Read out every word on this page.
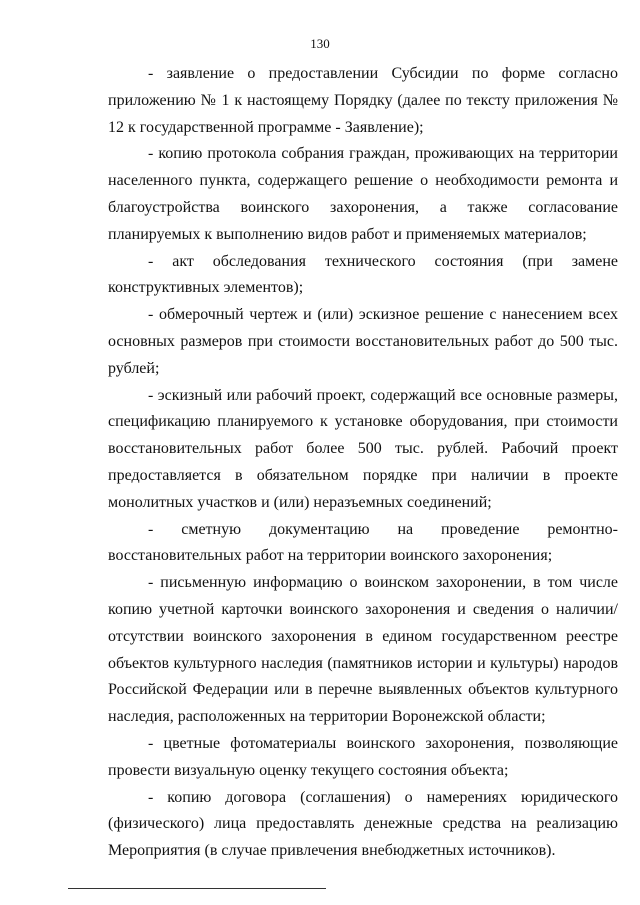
130

- заявление о предоставлении Субсидии по форме согласно приложению № 1 к настоящему Порядку (далее по тексту приложения № 12 к государственной программе - Заявление);

- копию протокола собрания граждан, проживающих на территории населенного пункта, содержащего решение о необходимости ремонта и благоустройства воинского захоронения, а также согласование планируемых к выполнению видов работ и применяемых материалов;

- акт обследования технического состояния (при замене конструктивных элементов);

- обмерочный чертеж и (или) эскизное решение с нанесением всех основных размеров при стоимости восстановительных работ до 500 тыс. рублей;

- эскизный или рабочий проект, содержащий все основные размеры, спецификацию планируемого к установке оборудования, при стоимости восстановительных работ более 500 тыс. рублей. Рабочий проект предоставляется в обязательном порядке при наличии в проекте монолитных участков и (или) неразъемных соединений;

- сметную документацию на проведение ремонтно-восстановительных работ на территории воинского захоронения;

- письменную информацию о воинском захоронении, в том числе копию учетной карточки воинского захоронения и сведения о наличии/отсутствии воинского захоронения в едином государственном реестре объектов культурного наследия (памятников истории и культуры) народов Российской Федерации или в перечне выявленных объектов культурного наследия, расположенных на территории Воронежской области;

- цветные фотоматериалы воинского захоронения, позволяющие провести визуальную оценку текущего состояния объекта;

- копию договора (соглашения) о намерениях юридического (физического) лица предоставлять денежные средства на реализацию Мероприятия (в случае привлечения внебюджетных источников).
